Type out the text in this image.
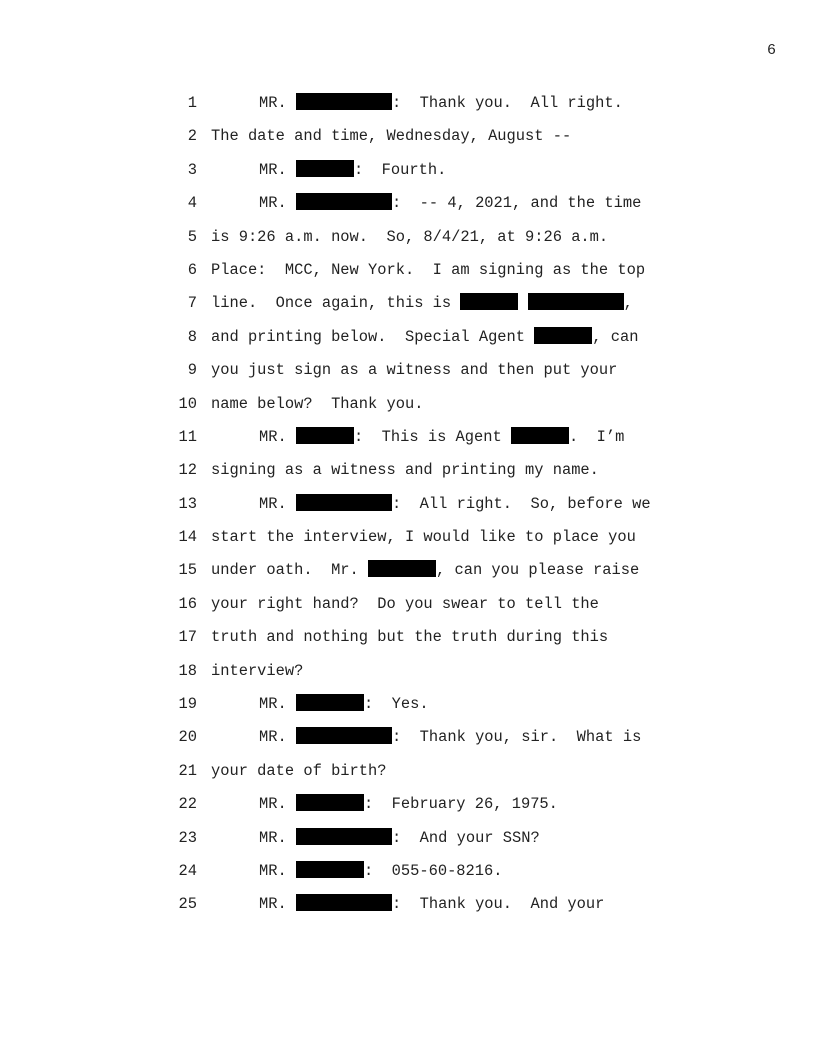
6
1	MR.	:  Thank you.  All right.
2 The date and time, Wednesday, August --
3	MR.	:  Fourth.
4	MR.	:  -- 4, 2021, and the time
5 is 9:26 a.m. now.  So, 8/4/21, at 9:26 a.m.
6 Place:  MCC, New York.  I am signing as the top
7 line.  Once again, this is	,
8 and printing below.  Special Agent	, can
9 you just sign as a witness and then put your
10 name below?  Thank you.
11	MR.	:  This is Agent	.  I’m
12 signing as a witness and printing my name.
13	MR.	:  All right.  So, before we
14 start the interview, I would like to place you
15 under oath.  Mr.	, can you please raise
16 your right hand?  Do you swear to tell the
17 truth and nothing but the truth during this
18 interview?
19	MR.	:  Yes.
20	MR.	:  Thank you, sir.  What is
21 your date of birth?
22	MR.	:  February 26, 1975.
23	MR.	:  And your SSN?
24	MR.	:  055-60-8216.
25	MR.	:  Thank you.  And your
